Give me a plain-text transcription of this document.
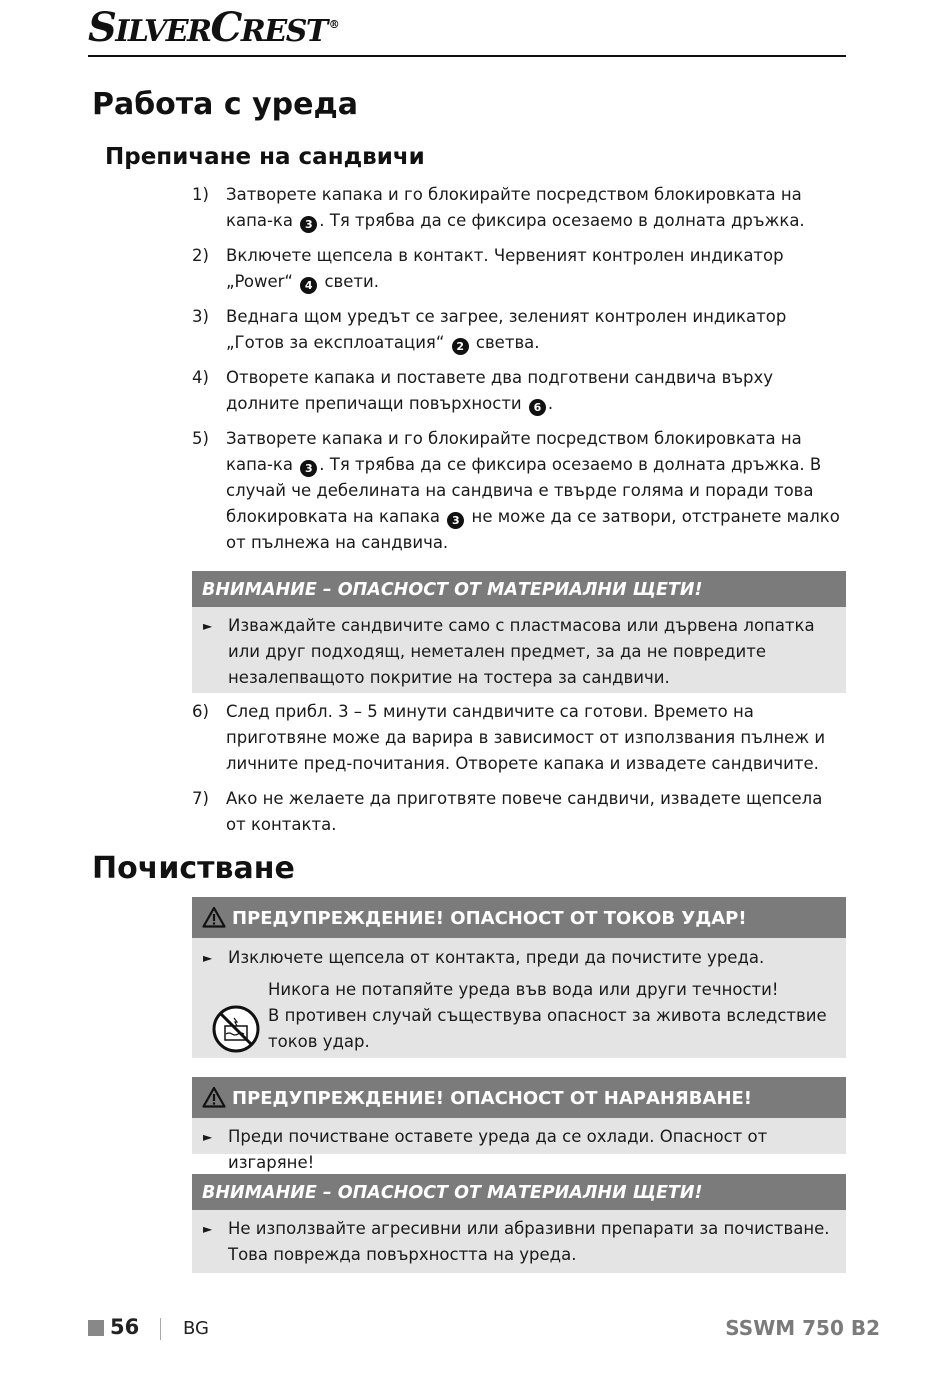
SILVERCREST ®
Работа с уреда
Препичане на сандвичи
1) Затворете капака и го блокирайте посредством блокировката на капа-ка 3 . Тя трябва да се фиксира осезаемо в долната дръжка.
2) Включете щепсела в контакт. Червеният контролен индикатор „Power“ 4 свети.
3) Веднага щом уредът се загрее, зеленият контролен индикатор „Готов за експлоатация“ 2 светва.
4) Отворете капака и поставете два подготвени сандвича върху долните препичащи повърхности 6 .
5) Затворете капака и го блокирайте посредством блокировката на капа-ка 3 . Тя трябва да се фиксира осезаемо в долната дръжка. В случай че дебелината на сандвича е твърде голяма и поради това блокировката на капака 3 не може да се затвори, отстранете малко от пълнежа на сандвича.
ВНИМАНИЕ – ОПАСНОСТ ОТ МАТЕРИАЛНИ ЩЕТИ!
► Изваждайте сандвичите само с пластмасова или дървена лопатка или друг подходящ, неметален предмет, за да не повредите незалепващото покритие на тостера за сандвичи.
6) След прибл. 3 – 5 минути сандвичите са готови. Времето на приготвяне може да варира в зависимост от използвания пълнеж и личните пред-почитания. Отворете капака и извадете сандвичите.
7) Ако не желаете да приготвяте повече сандвичи, извадете щепсела от контакта.
Почистване
ПРЕДУПРЕЖДЕНИЕ! ОПАСНОСТ ОТ ТОКОВ УДАР!
► Изключете щепсела от контакта, преди да почистите уреда.
Никога не потапяйте уреда във вода или други течности!
В противен случай съществува опасност за живота вследствие токов удар.
ПРЕДУПРЕЖДЕНИЕ! ОПАСНОСТ ОТ НАРАНЯВАНЕ!
► Преди почистване оставете уреда да се охлади. Опасност от изгаряне!
ВНИМАНИЕ – ОПАСНОСТ ОТ МАТЕРИАЛНИ ЩЕТИ!
► Не използвайте агресивни или абразивни препарати за почистване. Това поврежда повърхността на уреда.
56 BG	SSWM 750 B2
